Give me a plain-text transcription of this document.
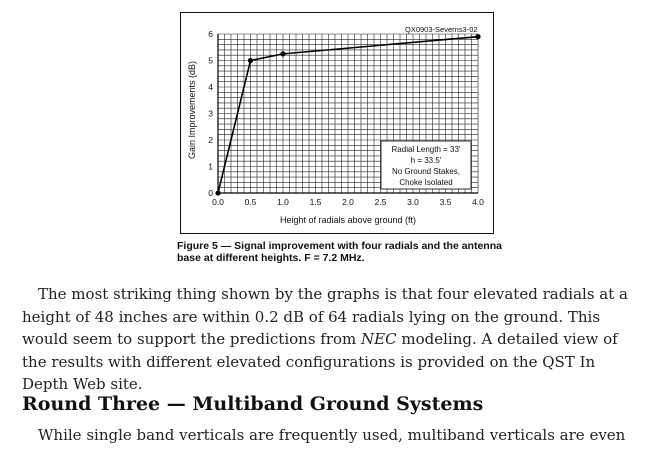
0.0 0.5 1.0 1.5 2.0 2.5 3.0 3.5 4.0
0
1
2
3
4
5
6
Radial Length = 33'
h = 33.5'
No Ground Stakes,
Choke Isolated
QX0903-Severns3-02
Height of radials above ground (ft)
Gain Improvements (dB)
Figure 5 — Signal improvement with four radials and the antenna
base at different heights. F = 7.2 MHz.

The most striking thing shown by the graphs is that four elevated radials at a height of 48 inches are within 0.2 dB of 64 radials lying on the ground. This would seem to support the predictions from NEC modeling. A detailed view of the results with different elevated configurations is provided on the QST In Depth Web site.

Round Three — Multiband Ground Systems

While single band verticals are frequently used, multiband verticals are even
